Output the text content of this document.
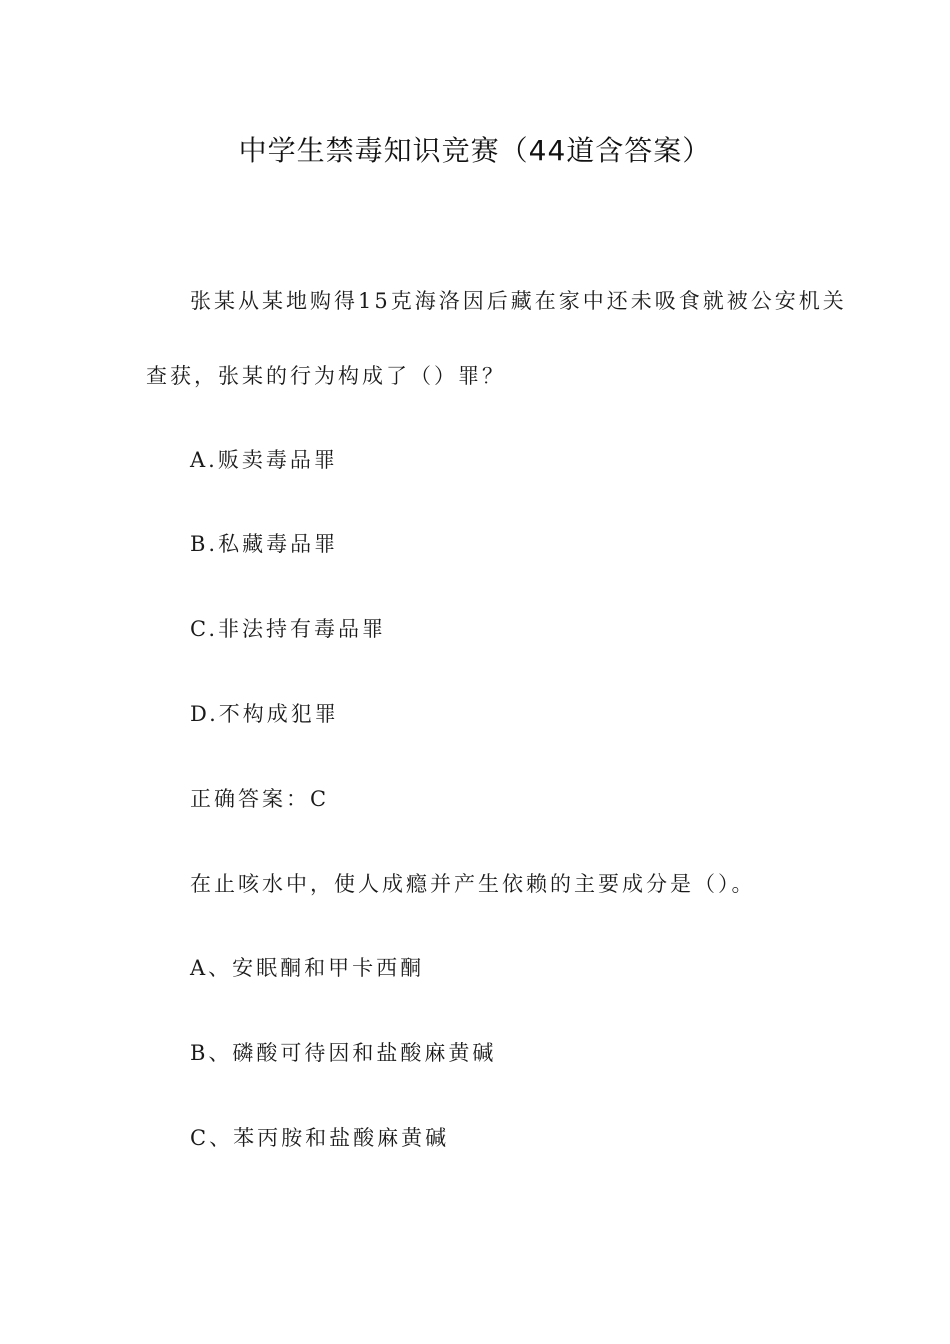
中学生禁毒知识竞赛（44道含答案）
张某从某地购得15克海洛因后藏在家中还未吸食就被公安机关
查获，张某的行为构成了（）罪？
A.贩卖毒品罪
B.私藏毒品罪
C.非法持有毒品罪
D.不构成犯罪
正确答案：C
在止咳水中，使人成瘾并产生依赖的主要成分是（）。
A、安眠酮和甲卡西酮
B、磷酸可待因和盐酸麻黄碱
C、苯丙胺和盐酸麻黄碱
